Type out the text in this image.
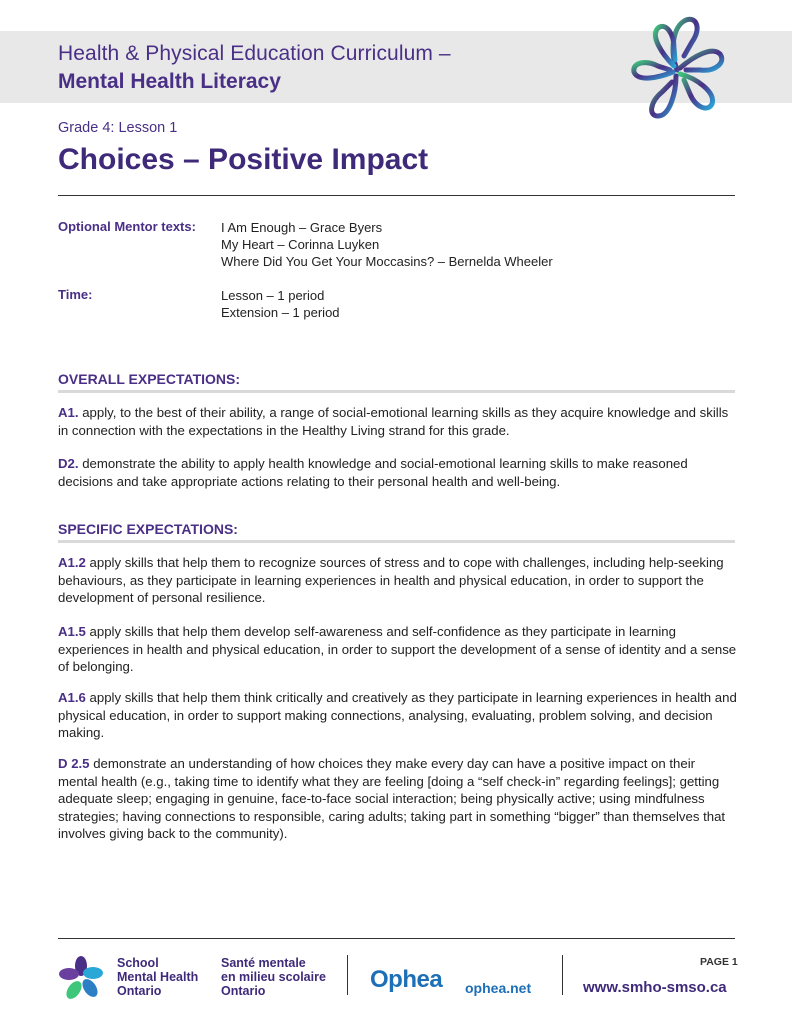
Health & Physical Education Curriculum –
Mental Health Literacy
Grade 4: Lesson 1
Choices – Positive Impact
Optional Mentor texts: I Am Enough – Grace Byers
My Heart – Corinna Luyken
Where Did You Get Your Moccasins? – Bernelda Wheeler
Time:	Lesson – 1 period
Extension – 1 period
OVERALL EXPECTATIONS:
A1. apply, to the best of their ability, a range of social-emotional learning skills as they acquire knowledge and skills in connection with the expectations in the Healthy Living strand for this grade.
D2. demonstrate the ability to apply health knowledge and social-emotional learning skills to make reasoned decisions and take appropriate actions relating to their personal health and well-being.
SPECIFIC EXPECTATIONS:
A1.2 apply skills that help them to recognize sources of stress and to cope with challenges, including help-seeking behaviours, as they participate in learning experiences in health and physical education, in order to support the development of personal resilience.
A1.5 apply skills that help them develop self-awareness and self-confidence as they participate in learning experiences in health and physical education, in order to support the development of a sense of identity and a sense of belonging.
A1.6 apply skills that help them think critically and creatively as they participate in learning experiences in health and physical education, in order to support making connections, analysing, evaluating, problem solving, and decision making.
D 2.5 demonstrate an understanding of how choices they make every day can have a positive impact on their mental health (e.g., taking time to identify what they are feeling [doing a “self check-in” regarding feelings]; getting adequate sleep; engaging in genuine, face-to-face social interaction; being physically active; using mindfulness strategies; having connections to responsible, caring adults; taking part in something “bigger” than themselves that involves giving back to the community).
School
Mental Health
Ontario
Santé mentale
en milieu scolaire
Ontario	Ophea ophea.net
PAGE 1
www.smho-smso.ca
